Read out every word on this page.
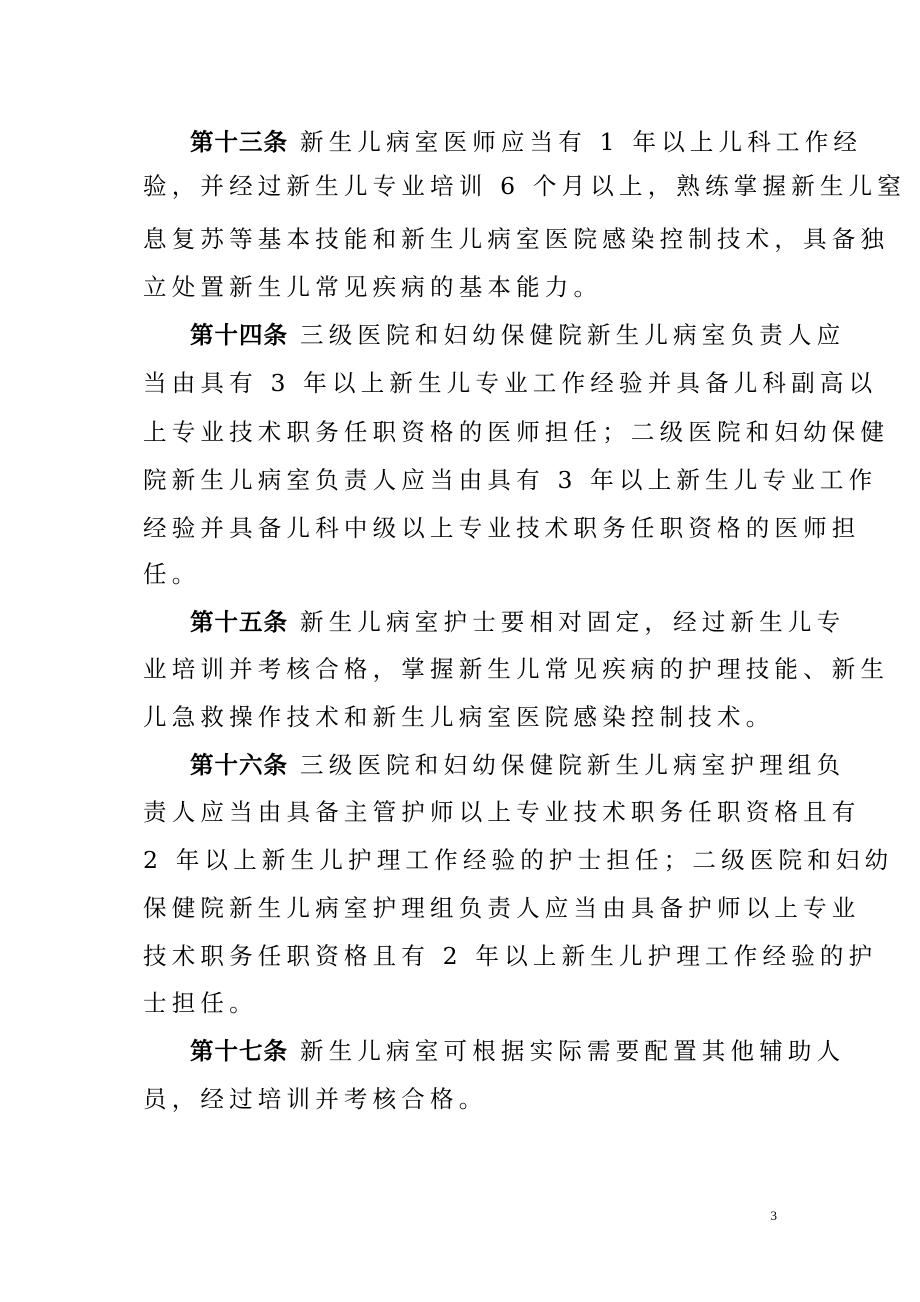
第十三条 新生儿病室医师应当有 1 年以上儿科工作经
验，并经过新生儿专业培训 6 个月以上，熟练掌握新生儿窒
息复苏等基本技能和新生儿病室医院感染控制技术，具备独
立处置新生儿常见疾病的基本能力。
第十四条 三级医院和妇幼保健院新生儿病室负责人应
当由具有 3 年以上新生儿专业工作经验并具备儿科副高以
上专业技术职务任职资格的医师担任；二级医院和妇幼保健
院新生儿病室负责人应当由具有 3 年以上新生儿专业工作
经验并具备儿科中级以上专业技术职务任职资格的医师担
任。
第十五条 新生儿病室护士要相对固定，经过新生儿专
业培训并考核合格，掌握新生儿常见疾病的护理技能、新生
儿急救操作技术和新生儿病室医院感染控制技术。
第十六条 三级医院和妇幼保健院新生儿病室护理组负
责人应当由具备主管护师以上专业技术职务任职资格且有
2 年以上新生儿护理工作经验的护士担任；二级医院和妇幼
保健院新生儿病室护理组负责人应当由具备护师以上专业
技术职务任职资格且有 2 年以上新生儿护理工作经验的护
士担任。
第十七条 新生儿病室可根据实际需要配置其他辅助人
员，经过培训并考核合格。
3
